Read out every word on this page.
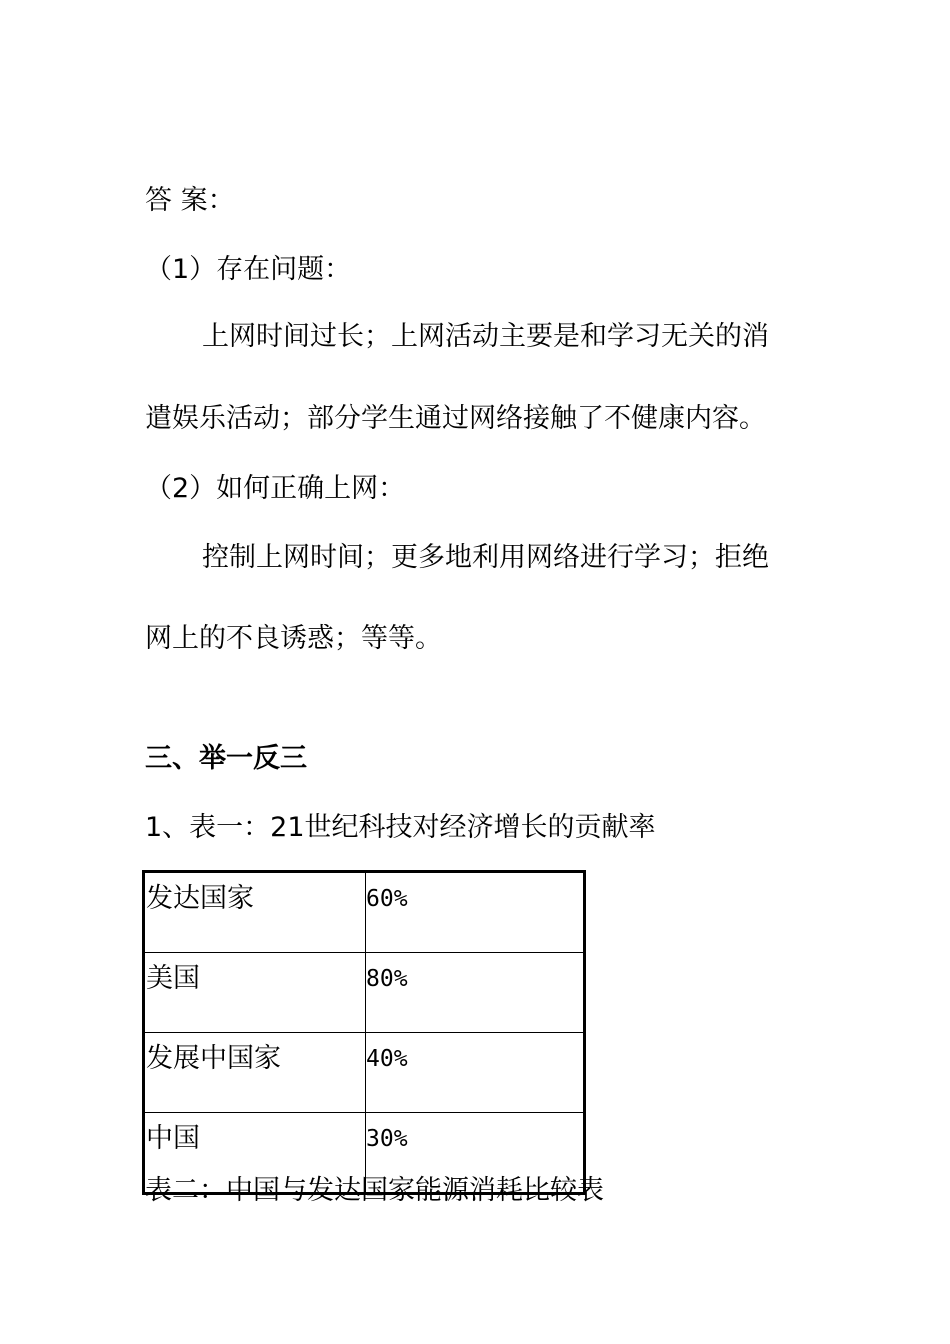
答 案：
（1）存在问题：
上网时间过长；上网活动主要是和学习无关的消
遣娱乐活动；部分学生通过网络接触了不健康内容。
（2）如何正确上网：
控制上网时间；更多地利用网络进行学习；拒绝
网上的不良诱惑；等等。
三、举一反三
1、表一：21世纪科技对经济增长的贡献率
发达国家	60%
美国	80%
发展中国家	40%
中国	30%
表二：中国与发达国家能源消耗比较表
